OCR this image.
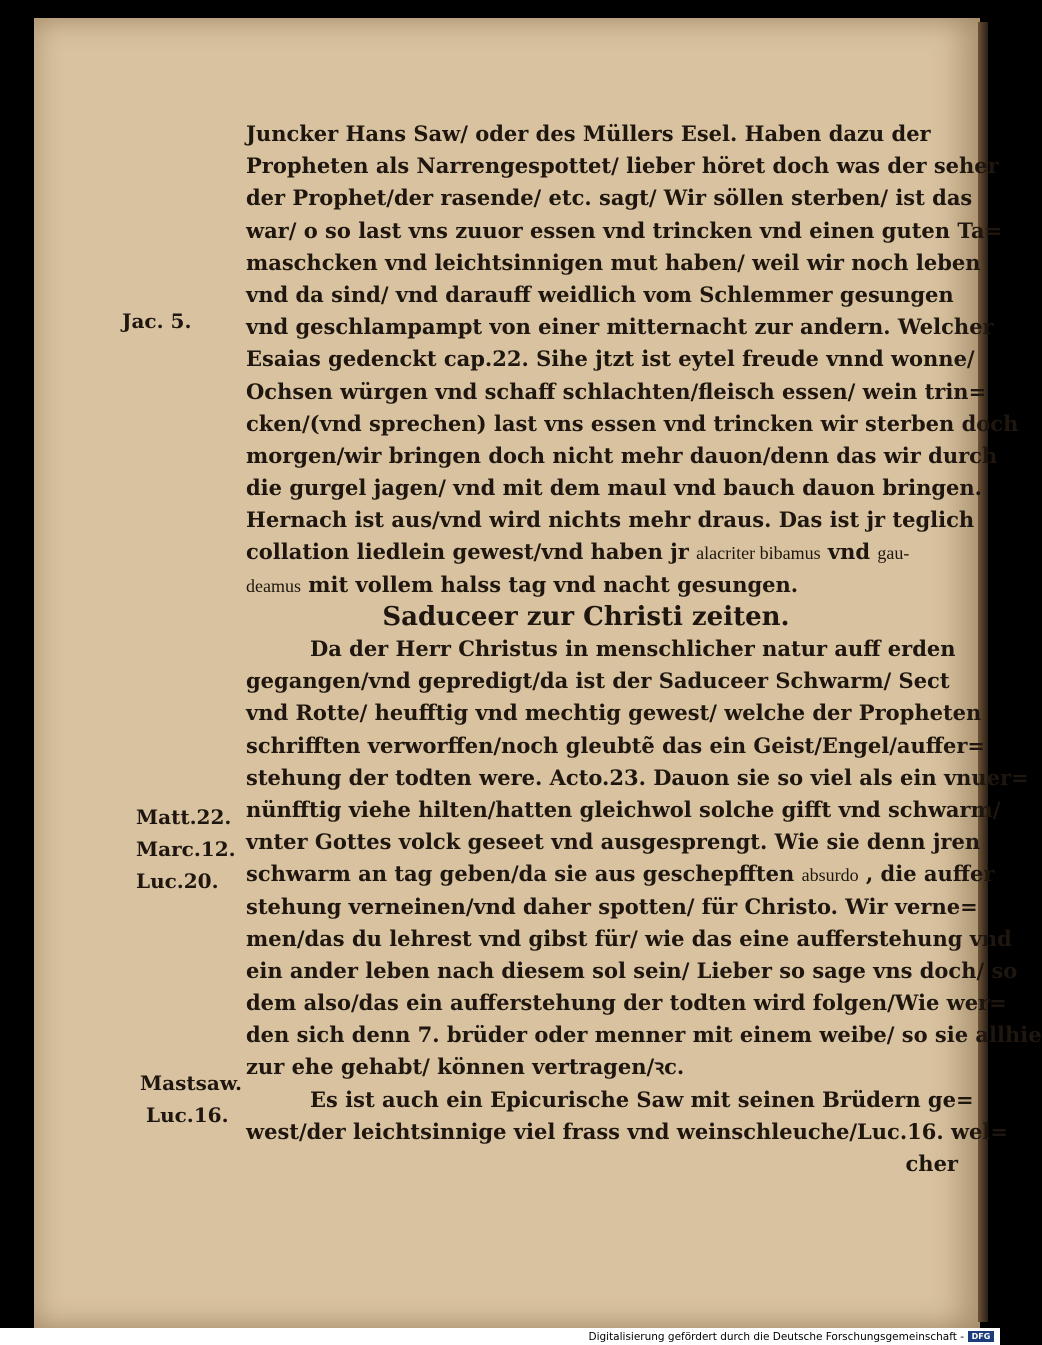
Juncker Hans Saw/ oder des Müllers Esel. Haben dazu der
Propheten als Narrengespottet/ lieber höret doch was der seher
der Prophet/der rasende/ etc. sagt/ Wir söllen sterben/ ist das
war/ o so last vns zuuor essen vnd trincken vnd einen guten Ta=
maschcken vnd leichtsinnigen mut haben/ weil wir noch leben
vnd da sind/ vnd darauff weidlich vom Schlemmer gesungen
vnd geschlampampt von einer mitternacht zur andern. Welcher
Esaias gedenckt cap.22. Sihe jtzt ist eytel freude vnnd wonne/
Ochsen würgen vnd schaff schlachten/fleisch essen/ wein trin=
cken/(vnd sprechen) last vns essen vnd trincken wir sterben doch
morgen/wir bringen doch nicht mehr dauon/denn das wir durch
die gurgel jagen/ vnd mit dem maul vnd bauch dauon bringen.
Hernach ist aus/vnd wird nichts mehr draus. Das ist jr teglich
collation liedlein gewest/vnd haben jr alacriter bibamus vnd gau-
deamus mit vollem halss tag vnd nacht gesungen.
Saduceer zur Christi zeiten.
Da der Herr Christus in menschlicher natur auff erden
gegangen/vnd gepredigt/da ist der Saduceer Schwarm/ Sect
vnd Rotte/ heufftig vnd mechtig gewest/ welche der Propheten
schrifften verworffen/noch gleubtẽ das ein Geist/Engel/auffer=
stehung der todten were. Acto.23. Dauon sie so viel als ein vnuer=
nünfftig viehe hilten/hatten gleichwol solche gifft vnd schwarm/
vnter Gottes volck geseet vnd ausgesprengt. Wie sie denn jren
schwarm an tag geben/da sie aus geschepfften absurdo , die auffer
stehung verneinen/vnd daher spotten/ für Christo. Wir verne=
men/das du lehrest vnd gibst für/ wie das eine aufferstehung vnd
ein ander leben nach diesem sol sein/ Lieber so sage vns doch/ so
dem also/das ein aufferstehung der todten wird folgen/Wie wer=
den sich denn 7. brüder oder menner mit einem weibe/ so sie allhie
zur ehe gehabt/ können vertragen/ꝛc.
Es ist auch ein Epicurische Saw mit seinen Brüdern ge=
west/der leichtsinnige viel frass vnd weinschleuche/Luc.16. wel=
cher
Jac. 5.
Matt.22.
Marc.12.
Luc.20.
Mastsaw.
Luc.16.
Digitalisierung gefördert durch die Deutsche Forschungsgemeinschaft - DFG
